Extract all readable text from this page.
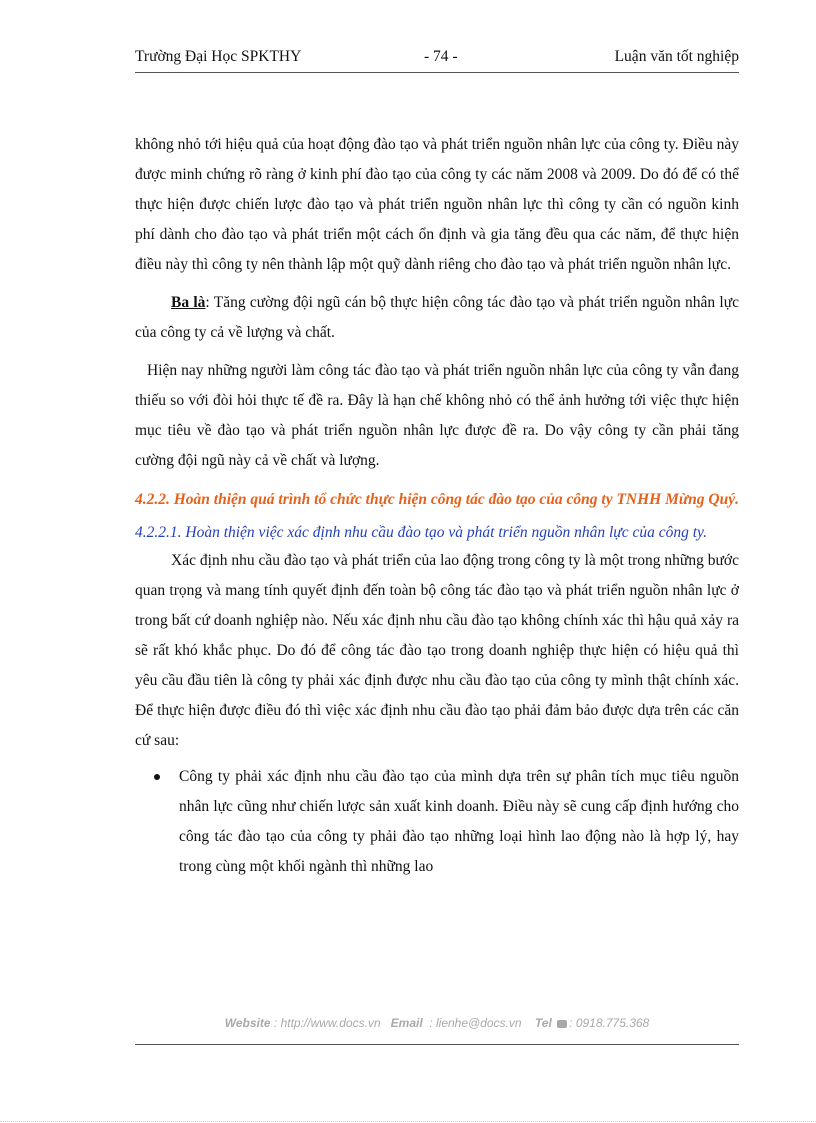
Trường Đại Học SPKTHY	- 74 -	Luận văn tốt nghiệp

không nhỏ tới hiệu quả của hoạt động đào tạo và phát triển nguồn nhân lực của công ty. Điều này được minh chứng rõ ràng ở kinh phí đào tạo của công ty các năm 2008 và 2009. Do đó để có thể thực hiện được chiến lược đào tạo và phát triển nguồn nhân lực thì công ty cần có nguồn kinh phí dành cho đào tạo và phát triển một cách ổn định và gia tăng đều qua các năm, để thực hiện điều này thì công ty nên thành lập một quỹ dành riêng cho đào tạo và phát triển nguồn nhân lực.

Ba là: Tăng cường đội ngũ cán bộ thực hiện công tác đào tạo và phát triển nguồn nhân lực của công ty cả về lượng và chất.

Hiện nay những người làm công tác đào tạo và phát triển nguồn nhân lực của công ty vẫn đang thiếu so với đòi hỏi thực tế đề ra. Đây là hạn chế không nhỏ có thể ảnh hưởng tới việc thực hiện mục tiêu về đào tạo và phát triển nguồn nhân lực được đề ra. Do vậy công ty cần phải tăng cường đội ngũ này cả về chất và lượng.

4.2.2. Hoàn thiện quá trình tổ chức thực hiện công tác đào tạo của công ty TNHH Mừng Quý.

4.2.2.1. Hoàn thiện việc xác định nhu cầu đào tạo và phát triển nguồn nhân lực của công ty.

Xác định nhu cầu đào tạo và phát triển của lao động trong công ty là một trong những bước quan trọng và mang tính quyết định đến toàn bộ công tác đào tạo và phát triển nguồn nhân lực ở trong bất cứ doanh nghiệp nào. Nếu xác định nhu cầu đào tạo không chính xác thì hậu quả xảy ra sẽ rất khó khắc phục. Do đó để công tác đào tạo trong doanh nghiệp thực hiện có hiệu quả thì yêu cầu đầu tiên là công ty phải xác định được nhu cầu đào tạo của công ty mình thật chính xác. Để thực hiện được điều đó thì việc xác định nhu cầu đào tạo phải đảm bảo được dựa trên các căn cứ sau:

Công ty phải xác định nhu cầu đào tạo của mình dựa trên sự phân tích mục tiêu nguồn nhân lực cũng như chiến lược sản xuất kinh doanh. Điều này sẽ cung cấp định hướng cho công tác đào tạo của công ty phải đào tạo những loại hình lao động nào là hợp lý, hay trong cùng một khối ngành thì những lao

Website : http://www.docs.vn Email : lienhe@docs.vn Tel : 0918.775.368
